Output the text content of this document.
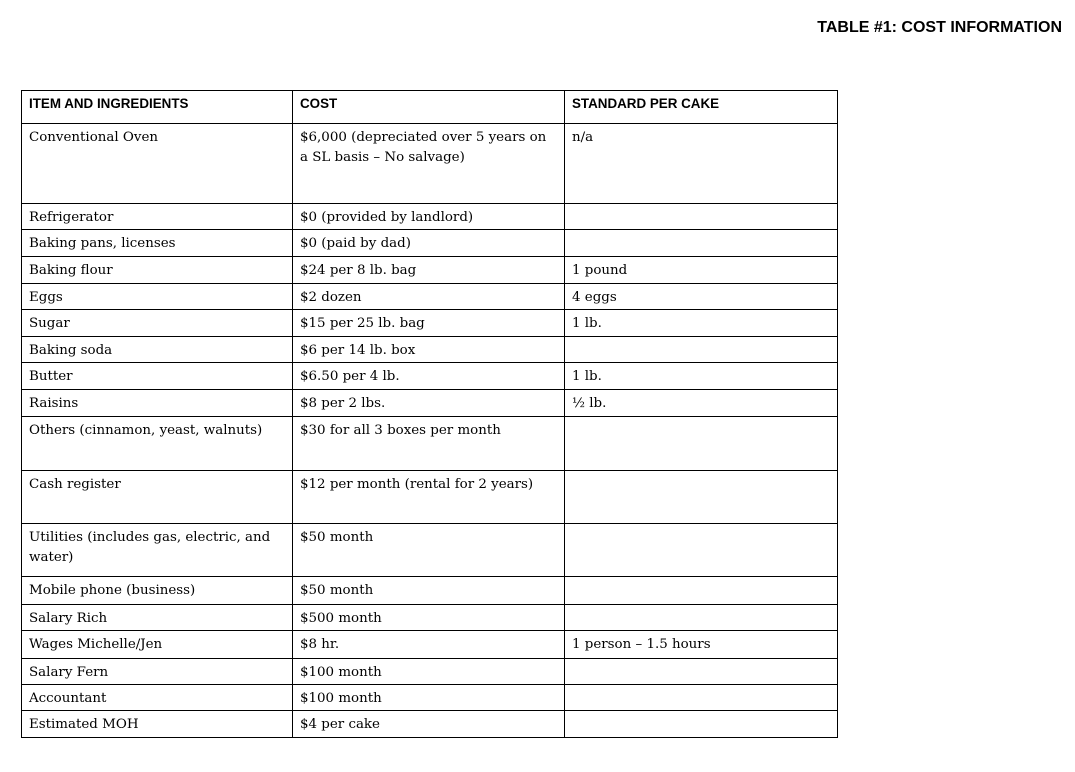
TABLE #1: COST INFORMATION
ITEM AND INGREDIENTS	COST	STANDARD PER CAKE
Conventional Oven	$6,000 (depreciated over 5 years on a SL basis – No salvage)	n/a
Refrigerator	$0 (provided by landlord)	
Baking pans, licenses	$0 (paid by dad)	
Baking flour	$24 per 8 lb. bag	1 pound
Eggs	$2 dozen	4 eggs
Sugar	$15 per 25 lb. bag	1 lb.
Baking soda	$6 per 14 lb. box	
Butter	$6.50 per 4 lb.	1 lb.
Raisins	$8 per 2 lbs.	½ lb.
Others (cinnamon, yeast, walnuts)	$30 for all 3 boxes per month	
Cash register	$12 per month (rental for 2 years)	
Utilities (includes gas, electric, and water)	$50 month	
Mobile phone (business)	$50 month	
Salary Rich	$500 month	
Wages Michelle/Jen	$8 hr.	1 person – 1.5 hours
Salary Fern	$100 month	
Accountant	$100 month	
Estimated MOH	$4 per cake	
